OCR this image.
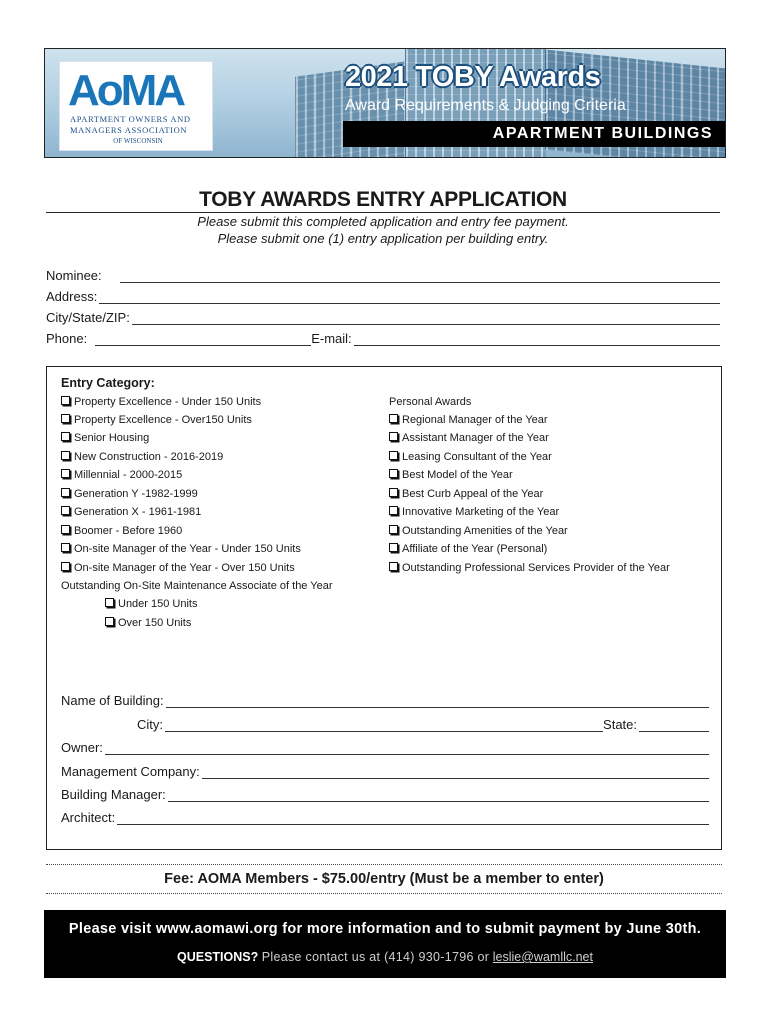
AoMA
APARTMENT OWNERS AND MANAGERS ASSOCIATION
OF WISCONSIN
2021 TOBY Awards
Award Requirements & Judging Criteria
APARTMENT BUILDINGS
TOBY AWARDS ENTRY APPLICATION
Please submit this completed application and entry fee payment.
Please submit one (1) entry application per building entry.
Nominee:
Address:
City/State/ZIP:
Phone:	E-mail:
Entry Category:
Property Excellence - Under 150 Units
Property Excellence - Over150 Units
Senior Housing
New Construction - 2016-2019
Millennial - 2000-2015
Generation Y -1982-1999
Generation X - 1961-1981
Boomer - Before 1960
On-site Manager of the Year - Under 150 Units
On-site Manager of the Year - Over 150 Units
Outstanding On-Site Maintenance Associate of the Year
Under 150 Units
Over 150 Units
Personal Awards
Regional Manager of the Year
Assistant Manager of the Year
Leasing Consultant of the Year
Best Model of the Year
Best Curb Appeal of the Year
Innovative Marketing of the Year
Outstanding Amenities of the Year
Affiliate of the Year (Personal)
Outstanding Professional Services Provider of the Year
Name of Building:
City:	State:
Owner:
Management Company:
Building Manager:
Architect:
Fee: AOMA Members - $75.00/entry (Must be a member to enter)
Please visit www.aomawi.org for more information and to submit payment by June 30th.
QUESTIONS? Please contact us at (414) 930-1796 or leslie@wamllc.net
